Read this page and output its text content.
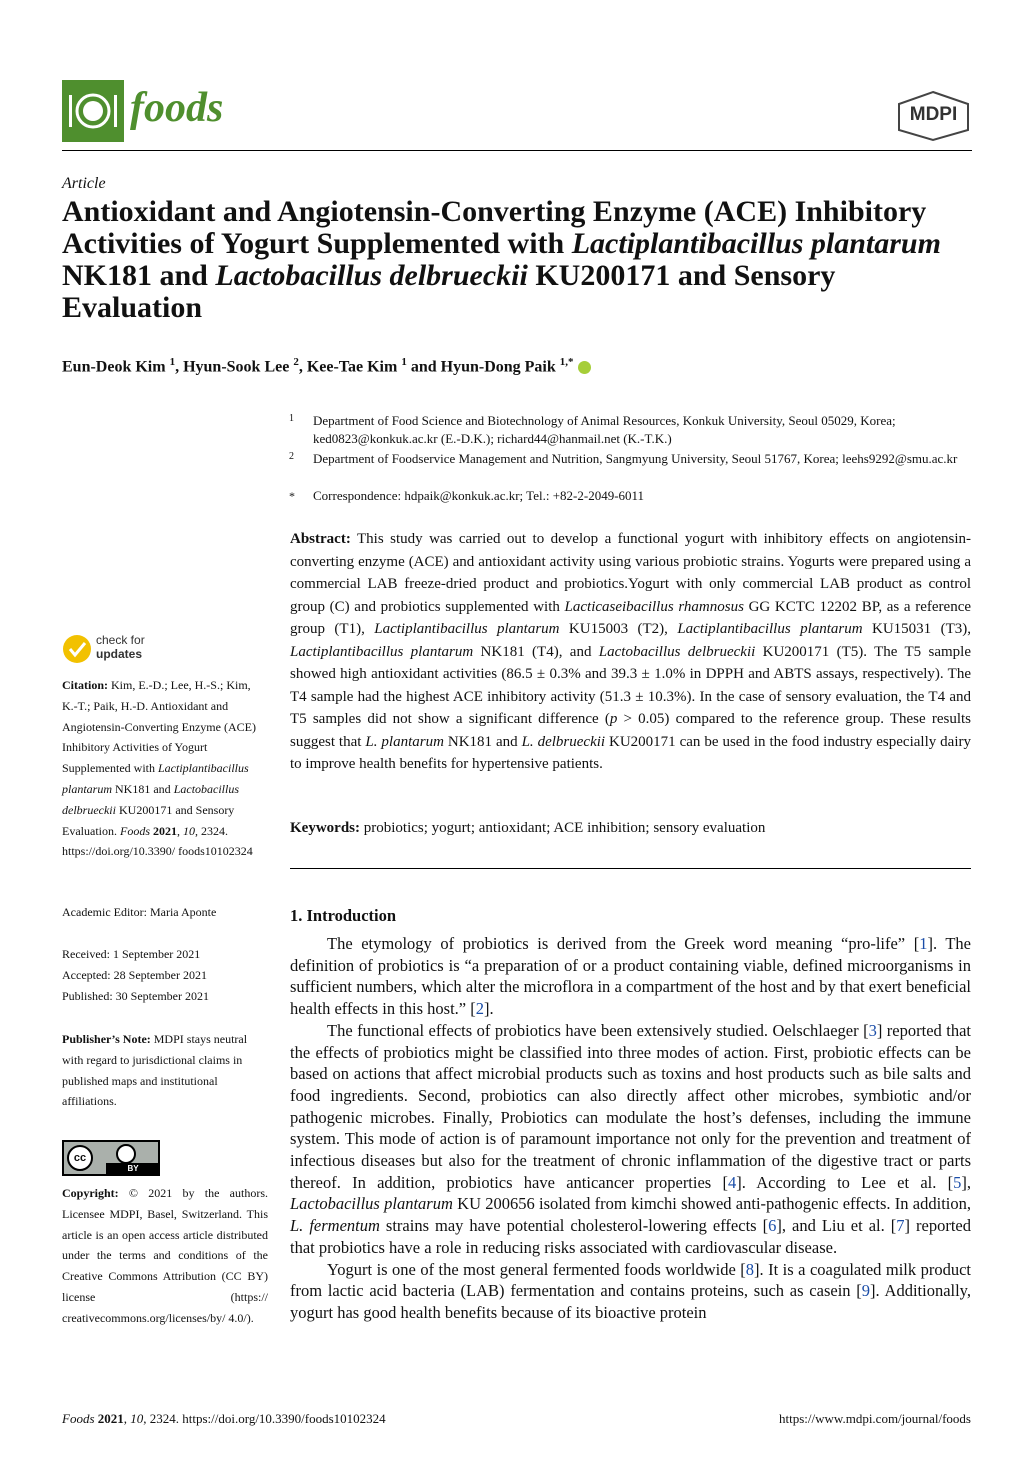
foods	MDPI
Article
Antioxidant and Angiotensin-Converting Enzyme (ACE) Inhibitory Activities of Yogurt Supplemented with Lactiplantibacillus plantarum NK181 and Lactobacillus delbrueckii KU200171 and Sensory Evaluation
Eun-Deok Kim $^1$, Hyun-Sook Lee $^2$, Kee-Tae Kim $^1$ and Hyun-Dong Paik $^{1,*}$
1 Department of Food Science and Biotechnology of Animal Resources, Konkuk University, Seoul 05029, Korea; ked0823@konkuk.ac.kr (E.-D.K.); richard44@hanmail.net (K.-T.K.)
2 Department of Foodservice Management and Nutrition, Sangmyung University, Seoul 51767, Korea; leehs9292@smu.ac.kr
* Correspondence: hdpaik@konkuk.ac.kr; Tel.: +82-2-2049-6011
Abstract: This study was carried out to develop a functional yogurt with inhibitory effects on angiotensin-converting enzyme (ACE) and antioxidant activity using various probiotic strains. Yogurts were prepared using a commercial LAB freeze-dried product and probiotics.Yogurt with only commercial LAB product as control group (C) and probiotics supplemented with Lacticaseibacillus rhamnosus GG KCTC 12202 BP, as a reference group (T1), Lactiplantibacillus plantarum KU15003 (T2), Lactiplantibacillus plantarum KU15031 (T3), Lactiplantibacillus plantarum NK181 (T4), and Lactobacillus delbrueckii KU200171 (T5). The T5 sample showed high antioxidant activities (86.5 ± 0.3% and 39.3 ± 1.0% in DPPH and ABTS assays, respectively). The T4 sample had the highest ACE inhibitory activity (51.3 ± 10.3%). In the case of sensory evaluation, the T4 and T5 samples did not show a significant difference (p > 0.05) compared to the reference group. These results suggest that L. plantarum NK181 and L. delbrueckii KU200171 can be used in the food industry especially dairy to improve health benefits for hypertensive patients.
Keywords: probiotics; yogurt; antioxidant; ACE inhibition; sensory evaluation
check for
updates
Citation: Kim, E.-D.; Lee, H.-S.; Kim, K.-T.; Paik, H.-D. Antioxidant and Angiotensin-Converting Enzyme (ACE) Inhibitory Activities of Yogurt Supplemented with Lactiplantibacillus plantarum NK181 and Lactobacillus delbrueckii KU200171 and Sensory Evaluation. Foods 2021, 10, 2324. https://doi.org/10.3390/ foods10102324
Academic Editor: Maria Aponte
Received: 1 September 2021
Accepted: 28 September 2021
Published: 30 September 2021
Publisher’s Note: MDPI stays neutral with regard to jurisdictional claims in published maps and institutional affiliations.
cc
BY
Copyright: © 2021 by the authors. Licensee MDPI, Basel, Switzerland. This article is an open access article distributed under the terms and conditions of the Creative Commons Attribution (CC BY) license (https:// creativecommons.org/licenses/by/ 4.0/).
1. Introduction

The etymology of probiotics is derived from the Greek word meaning “pro-life” [1]. The definition of probiotics is “a preparation of or a product containing viable, defined microorganisms in sufficient numbers, which alter the microflora in a compartment of the host and by that exert beneficial health effects in this host.” [2].

The functional effects of probiotics have been extensively studied. Oelschlaeger [3] reported that the effects of probiotics might be classified into three modes of action. First, probiotic effects can be based on actions that affect microbial products such as toxins and host products such as bile salts and food ingredients. Second, probiotics can also directly affect other microbes, symbiotic and/or pathogenic microbes. Finally, Probiotics can modulate the host’s defenses, including the immune system. This mode of action is of paramount importance not only for the prevention and treatment of infectious diseases but also for the treatment of chronic inflammation of the digestive tract or parts thereof. In addition, probiotics have anticancer properties [4]. According to Lee et al. [5], Lactobacillus plantarum KU 200656 isolated from kimchi showed anti-pathogenic effects. In addition, L. fermentum strains may have potential cholesterol-lowering effects [6], and Liu et al. [7] reported that probiotics have a role in reducing risks associated with cardiovascular disease.

Yogurt is one of the most general fermented foods worldwide [8]. It is a coagulated milk product from lactic acid bacteria (LAB) fermentation and contains proteins, such as casein [9]. Additionally, yogurt has good health benefits because of its bioactive protein

Foods 2021, 10, 2324. https://doi.org/10.3390/foods10102324	https://www.mdpi.com/journal/foods
